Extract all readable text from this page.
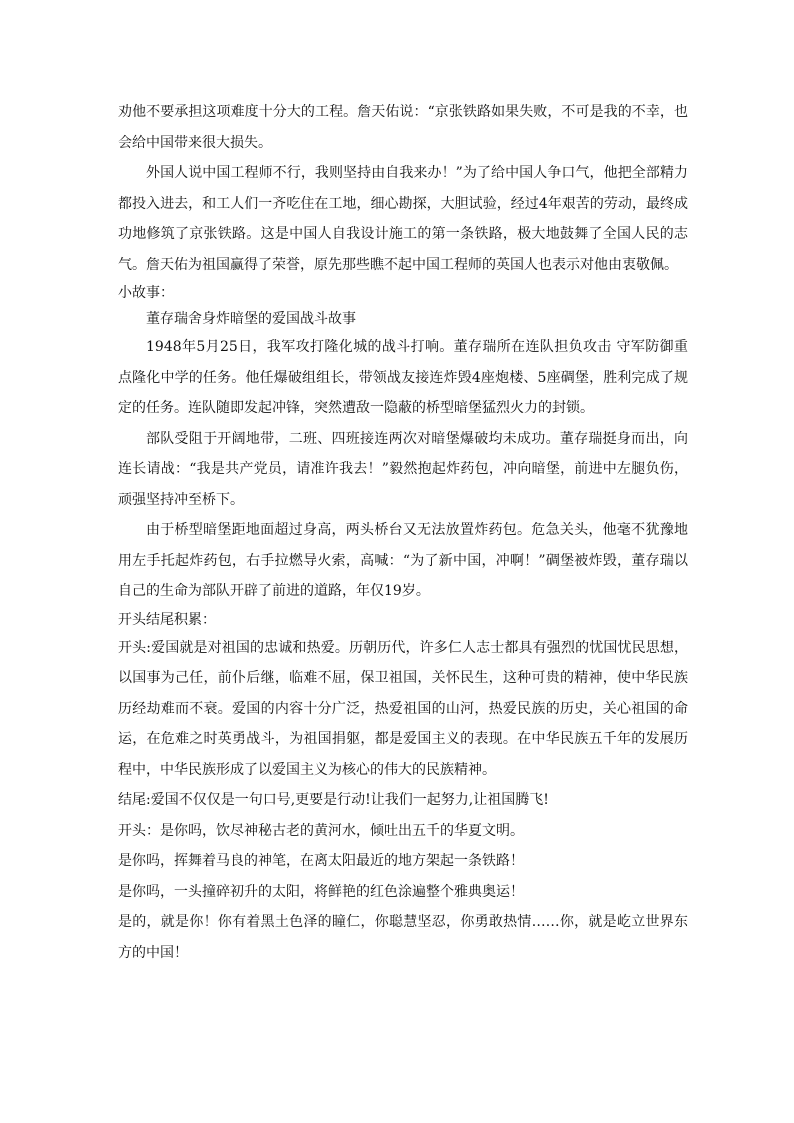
劝他不要承担这项难度十分大的工程。詹天佑说：“京张铁路如果失败，不可是我的不幸，也会给中国带来很大损失。

外国人说中国工程师不行，我则坚持由自我来办！”为了给中国人争口气，他把全部精力都投入进去，和工人们一齐吃住在工地，细心勘探，大胆试验，经过4年艰苦的劳动，最终成功地修筑了京张铁路。这是中国人自我设计施工的第一条铁路，极大地鼓舞了全国人民的志气。詹天佑为祖国赢得了荣誉，原先那些瞧不起中国工程师的英国人也表示对他由衷敬佩。

小故事：

董存瑞舍身炸暗堡的爱国战斗故事

1948年5月25日，我军攻打隆化城的战斗打响。董存瑞所在连队担负攻击 守军防御重点隆化中学的任务。他任爆破组组长，带领战友接连炸毁4座炮楼、5座碉堡，胜利完成了规定的任务。连队随即发起冲锋，突然遭敌一隐蔽的桥型暗堡猛烈火力的封锁。

部队受阻于开阔地带，二班、四班接连两次对暗堡爆破均未成功。董存瑞挺身而出，向连长请战：“我是共产党员，请准许我去！”毅然抱起炸药包，冲向暗堡，前进中左腿负伤，顽强坚持冲至桥下。

由于桥型暗堡距地面超过身高，两头桥台又无法放置炸药包。危急关头，他毫不犹豫地用左手托起炸药包，右手拉燃导火索，高喊：“为了新中国，冲啊！”碉堡被炸毁，董存瑞以自己的生命为部队开辟了前进的道路，年仅19岁。

开头结尾积累：

开头:爱国就是对祖国的忠诚和热爱。历朝历代，许多仁人志士都具有强烈的忧国忧民思想，以国事为己任，前仆后继，临难不屈，保卫祖国，关怀民生，这种可贵的精神，使中华民族历经劫难而不衰。爱国的内容十分广泛，热爱祖国的山河，热爱民族的历史，关心祖国的命运，在危难之时英勇战斗，为祖国捐躯，都是爱国主义的表现。在中华民族五千年的发展历程中，中华民族形成了以爱国主义为核心的伟大的民族精神。

结尾:爱国不仅仅是一句口号,更要是行动!让我们一起努力,让祖国腾飞!

开头：是你吗，饮尽神秘古老的黄河水，倾吐出五千的华夏文明。

是你吗，挥舞着马良的神笔，在离太阳最近的地方架起一条铁路！

是你吗，一头撞碎初升的太阳，将鲜艳的红色涂遍整个雅典奥运！

是的，就是你！你有着黑土色泽的瞳仁，你聪慧坚忍，你勇敢热情……你，就是屹立世界东方的中国！
